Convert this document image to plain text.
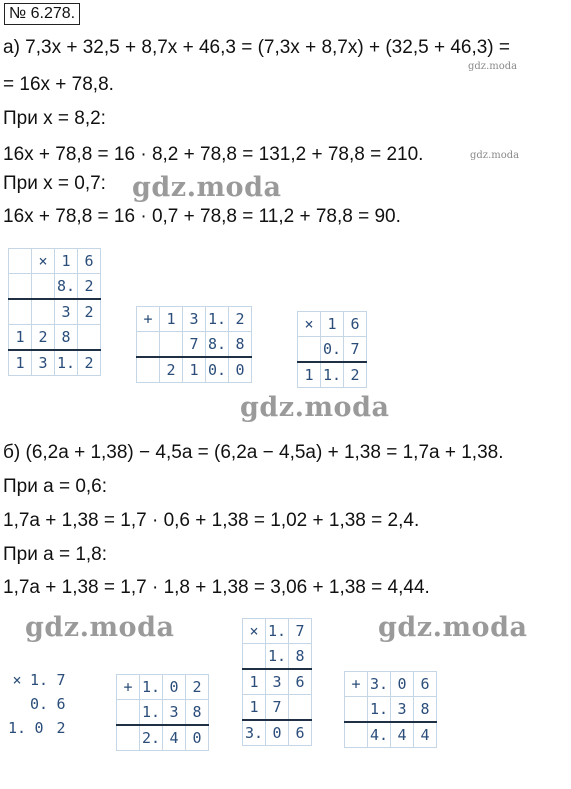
№ 6.278.
а) 7,3x + 32,5 + 8,7x + 46,3 = (7,3x + 8,7x) + (32,5 + 46,3) =
gdz.moda
= 16x + 78,8.
При x = 8,2:
16x + 78,8 = 16 · 8,2 + 78,8 = 131,2 + 78,8 = 210.	gdz.moda
При x = 0,7: gdz.moda
16x + 78,8 = 16 · 0,7 + 78,8 = 11,2 + 78,8 = 90.
	×	1	6
		8.	2
		3	2
1	2	8	
1	3	1.	2
+	1	3	1.	2
		7	8.	8
	2	1	0.	0
×	1	6
	0.	7
1	1.	2
gdz.moda
б) (6,2a + 1,38) − 4,5a = (6,2a − 4,5a) + 1,38 = 1,7a + 1,38.
При a = 0,6:
1,7a + 1,38 = 1,7 · 0,6 + 1,38 = 1,02 + 1,38 = 2,4.
При a = 1,8:
1,7a + 1,38 = 1,7 · 1,8 + 1,38 = 3,06 + 1,38 = 4,44.
gdz.moda	gdz.moda
×	1.	7
	0.	6
1.	0	2
+	1.	0	2
	1.	3	8
	2.	4	0
×	1.	7
	1.	8
1	3	6
1	7	
3.	0	6
+	3.	0	6
	1.	3	8
	4.	4	4
